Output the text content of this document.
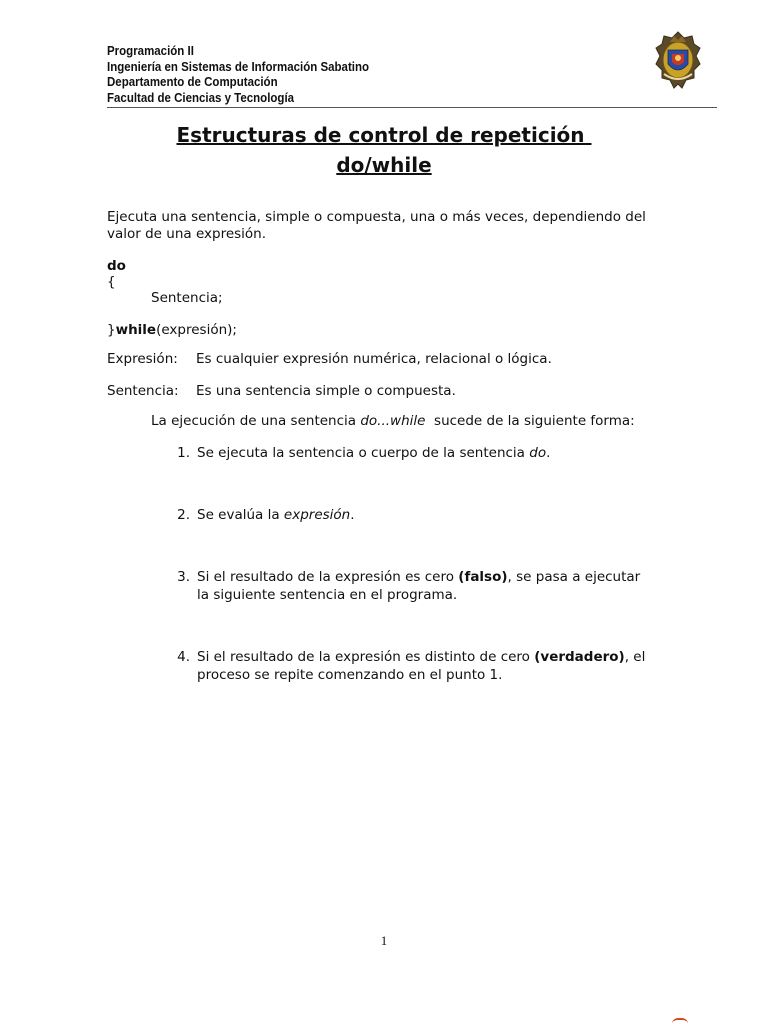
Programación II
Ingeniería en Sistemas de Información Sabatino
Departamento de Computación
Facultad de Ciencias y Tecnología
Estructuras de control de repetición
do/while
Ejecuta una sentencia, simple o compuesta, una o más veces, dependiendo del
valor de una expresión.
do
{
Sentencia;
}while(expresión);
Expresión: Es cualquier expresión numérica, relacional o lógica.
Sentencia: Es una sentencia simple o compuesta.
La ejecución de una sentencia do...while  sucede de la siguiente forma:
1. Se ejecuta la sentencia o cuerpo de la sentencia do.
2. Se evalúa la expresión.
3. Si el resultado de la expresión es cero (falso), se pasa a ejecutar
la siguiente sentencia en el programa.
4. Si el resultado de la expresión es distinto de cero (verdadero), el
proceso se repite comenzando en el punto 1.
1
